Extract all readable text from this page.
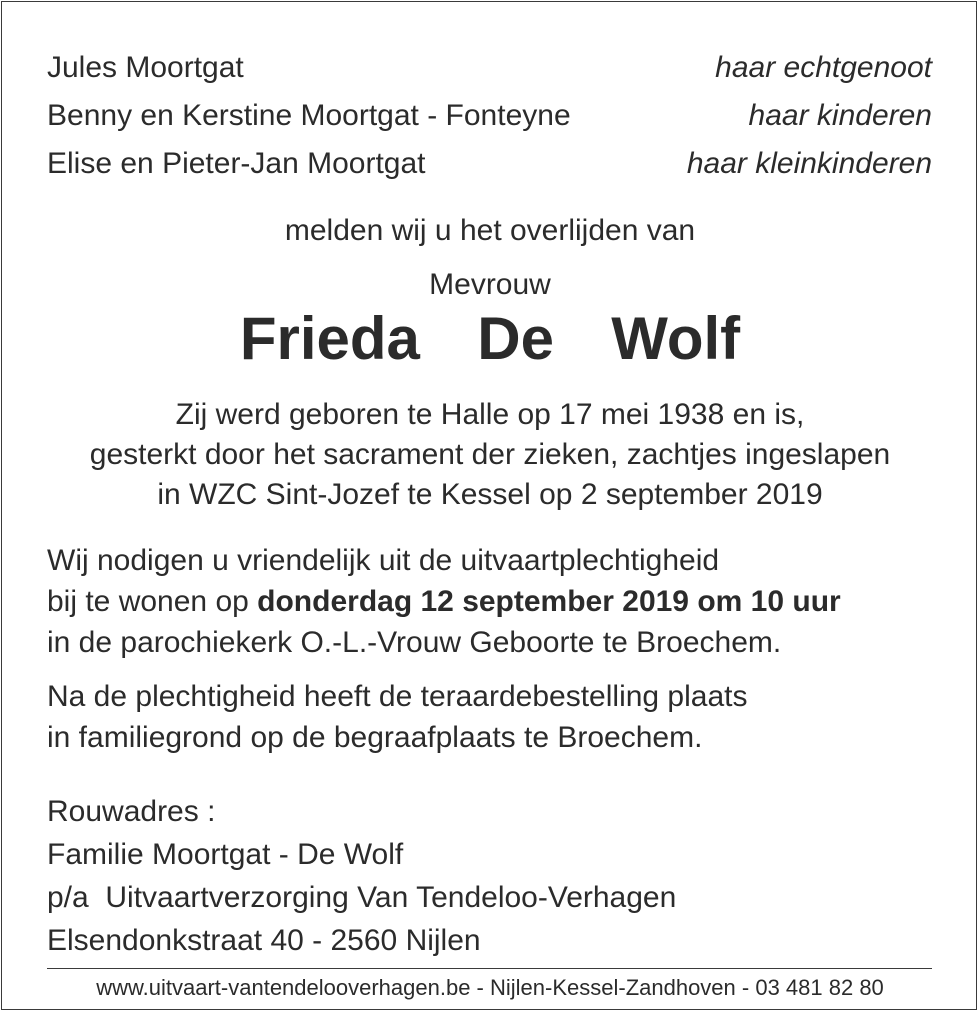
Jules Moortgat	haar echtgenoot
Benny en Kerstine Moortgat - Fonteyne	haar kinderen
Elise en Pieter-Jan Moortgat	haar kleinkinderen
melden wij u het overlijden van
Mevrouw
Frieda  De  Wolf
Zij werd geboren te Halle op 17 mei 1938 en is,
gesterkt door het sacrament der zieken, zachtjes ingeslapen
in WZC Sint-Jozef te Kessel op 2 september 2019
Wij nodigen u vriendelijk uit de uitvaartplechtigheid
bij te wonen op donderdag 12 september 2019 om 10 uur
in de parochiekerk O.-L.-Vrouw Geboorte te Broechem.
Na de plechtigheid heeft de teraardebestelling plaats
in familiegrond op de begraafplaats te Broechem.
Rouwadres :
Familie Moortgat - De Wolf
p/a  Uitvaartverzorging Van Tendeloo-Verhagen
Elsendonkstraat 40 - 2560 Nijlen
www.uitvaart-vantendelooverhagen.be - Nijlen-Kessel-Zandhoven - 03 481 82 80
